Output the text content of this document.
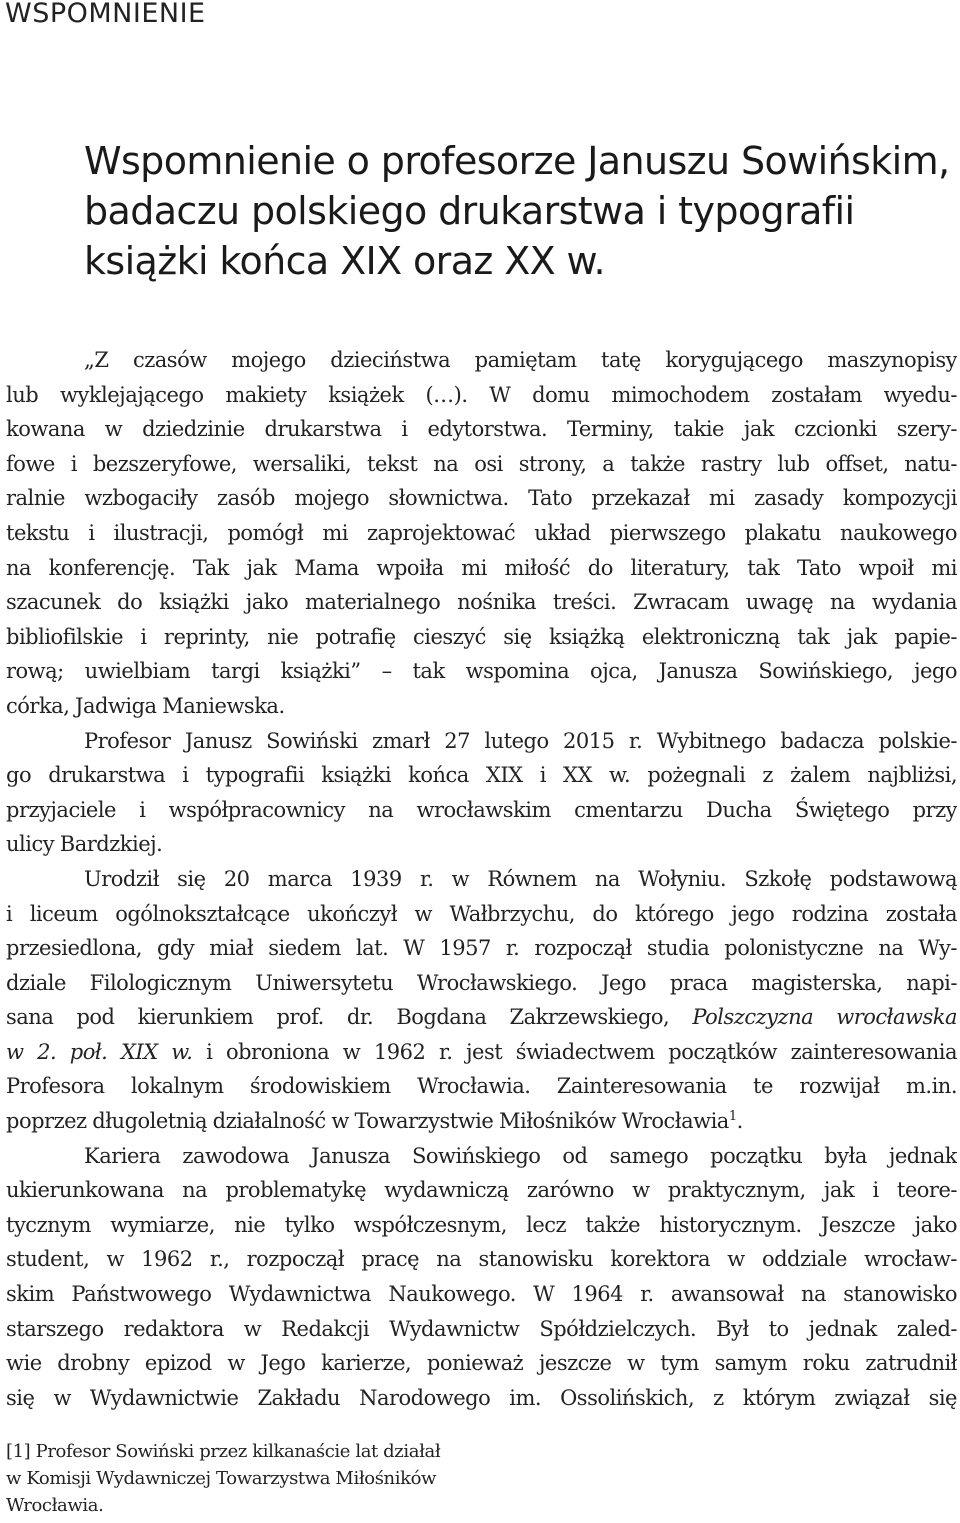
WSPOMNIENIE
Wspomnienie o profesorze Januszu Sowińskim,
badaczu polskiego drukarstwa i typografii
książki końca XIX oraz XX w.
„Z czasów mojego dzieciństwa pamiętam tatę korygującego maszynopisy
lub wyklejającego makiety książek (…). W domu mimochodem zostałam wyedu-
kowana w dziedzinie drukarstwa i edytorstwa. Terminy, takie jak czcionki szery-
fowe i bezszeryfowe, wersaliki, tekst na osi strony, a także rastry lub offset, natu-
ralnie wzbogaciły zasób mojego słownictwa. Tato przekazał mi zasady kompozycji
tekstu i ilustracji, pomógł mi zaprojektować układ pierwszego plakatu naukowego
na konferencję. Tak jak Mama wpoiła mi miłość do literatury, tak Tato wpoił mi
szacunek do książki jako materialnego nośnika treści. Zwracam uwagę na wydania
bibliofilskie i reprinty, nie potrafię cieszyć się książką elektroniczną tak jak papie-
rową; uwielbiam targi książki” – tak wspomina ojca, Janusza Sowińskiego, jego
córka, Jadwiga Maniewska.
Profesor Janusz Sowiński zmarł 27 lutego 2015 r. Wybitnego badacza polskie-
go drukarstwa i typografii książki końca XIX i XX w. pożegnali z żalem najbliżsi,
przyjaciele i współpracownicy na wrocławskim cmentarzu Ducha Świętego przy
ulicy Bardzkiej.
Urodził się 20 marca 1939 r. w Równem na Wołyniu. Szkołę podstawową
i liceum ogólnokształcące ukończył w Wałbrzychu, do którego jego rodzina została
przesiedlona, gdy miał siedem lat. W 1957 r. rozpoczął studia polonistyczne na Wy-
dziale Filologicznym Uniwersytetu Wrocławskiego. Jego praca magisterska, napi-
sana pod kierunkiem prof. dr. Bogdana Zakrzewskiego, Polszczyzna wrocławska
w 2. poł. XIX w. i obroniona w 1962 r. jest świadectwem początków zainteresowania
Profesora lokalnym środowiskiem Wrocławia. Zainteresowania te rozwijał m.in.
poprzez długoletnią działalność w Towarzystwie Miłośników Wrocławia$^1$.
Kariera zawodowa Janusza Sowińskiego od samego początku była jednak
ukierunkowana na problematykę wydawniczą zarówno w praktycznym, jak i teore-
tycznym wymiarze, nie tylko współczesnym, lecz także historycznym. Jeszcze jako
student, w 1962 r., rozpoczął pracę na stanowisku korektora w oddziale wrocław-
skim Państwowego Wydawnictwa Naukowego. W 1964 r. awansował na stanowisko
starszego redaktora w Redakcji Wydawnictw Spółdzielczych. Był to jednak zaled-
wie drobny epizod w Jego karierze, ponieważ jeszcze w tym samym roku zatrudnił
się w Wydawnictwie Zakładu Narodowego im. Ossolińskich, z którym związał się
[1] Profesor Sowiński przez kilkanaście lat działał
w Komisji Wydawniczej Towarzystwa Miłośników
Wrocławia.
